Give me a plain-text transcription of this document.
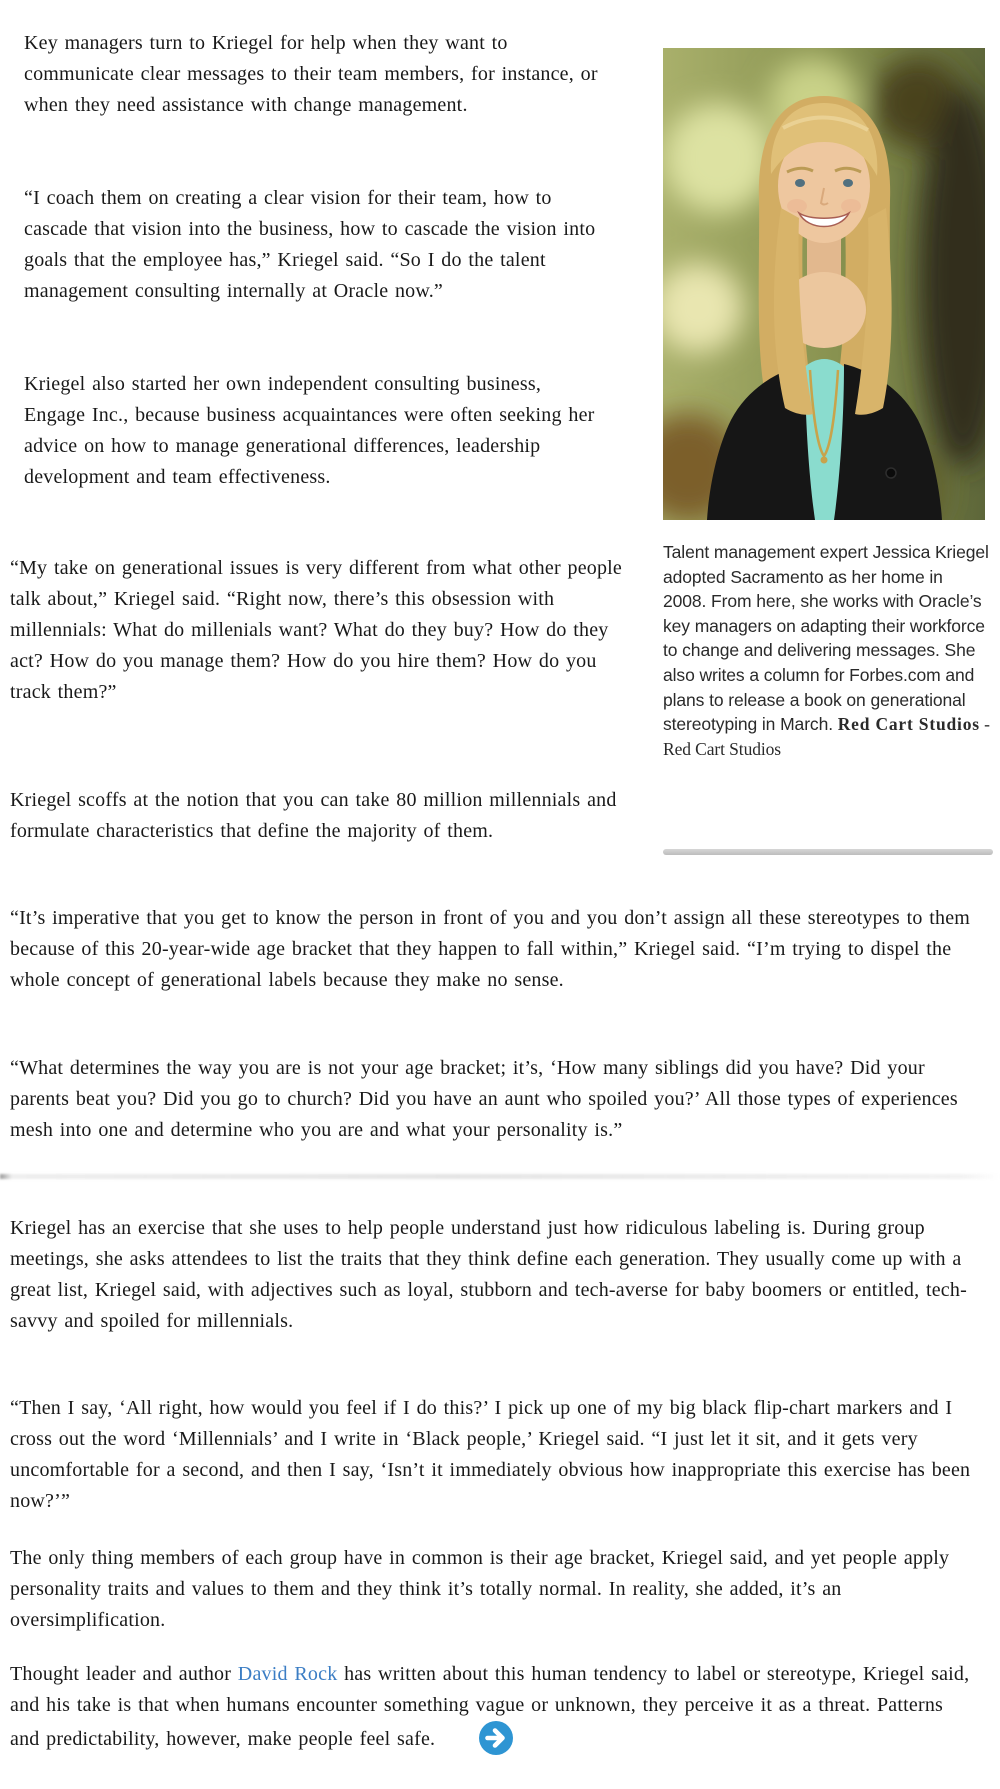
Key managers turn to Kriegel for help when they want to communicate clear messages to their team members, for instance, or when they need assistance with change management.

“I coach them on creating a clear vision for their team, how to cascade that vision into the business, how to cascade the vision into goals that the employee has,” Kriegel said. “So I do the talent management consulting internally at Oracle now.”

Kriegel also started her own independent consulting business, Engage Inc., because business acquaintances were often seeking her advice on how to manage generational differences, leadership development and team effectiveness.

“My take on generational issues is very different from what other people talk about,” Kriegel said. “Right now, there’s this obsession with millennials: What do millenials want? What do they buy? How do they act? How do you manage them? How do you hire them? How do you track them?”

Kriegel scoffs at the notion that you can take 80 million millennials and formulate characteristics that define the majority of them.

“It’s imperative that you get to know the person in front of you and you don’t assign all these stereotypes to them because of this 20-year-wide age bracket that they happen to fall within,” Kriegel said. “I’m trying to dispel the whole concept of generational labels because they make no sense.

“What determines the way you are is not your age bracket; it’s, ‘How many siblings did you have? Did your parents beat you? Did you go to church? Did you have an aunt who spoiled you?’ All those types of experiences mesh into one and determine who you are and what your personality is.”

Kriegel has an exercise that she uses to help people understand just how ridiculous labeling is. During group meetings, she asks attendees to list the traits that they think define each generation. They usually come up with a great list, Kriegel said, with adjectives such as loyal, stubborn and tech-averse for baby boomers or entitled, tech-savvy and spoiled for millennials.

“Then I say, ‘All right, how would you feel if I do this?’ I pick up one of my big black flip-chart markers and I cross out the word ‘Millennials’ and I write in ‘Black people,’ Kriegel said. “I just let it sit, and it gets very uncomfortable for a second, and then I say, ‘Isn’t it immediately obvious how inappropriate this exercise has been now?’”

The only thing members of each group have in common is their age bracket, Kriegel said, and yet people apply personality traits and values to them and they think it’s totally normal. In reality, she added, it’s an oversimplification.

Thought leader and author David Rock has written about this human tendency to label or stereotype, Kriegel said, and his take is that when humans encounter something vague or unknown, they perceive it as a threat. Patterns and predictability, however, make people feel safe.

Talent management expert Jessica Kriegel adopted Sacramento as her home in 2008. From here, she works with Oracle’s key managers on adapting their workforce to change and delivering messages. She also writes a column for Forbes.com and plans to release a book on generational stereotyping in March. Red Cart Studios - Red Cart Studios
